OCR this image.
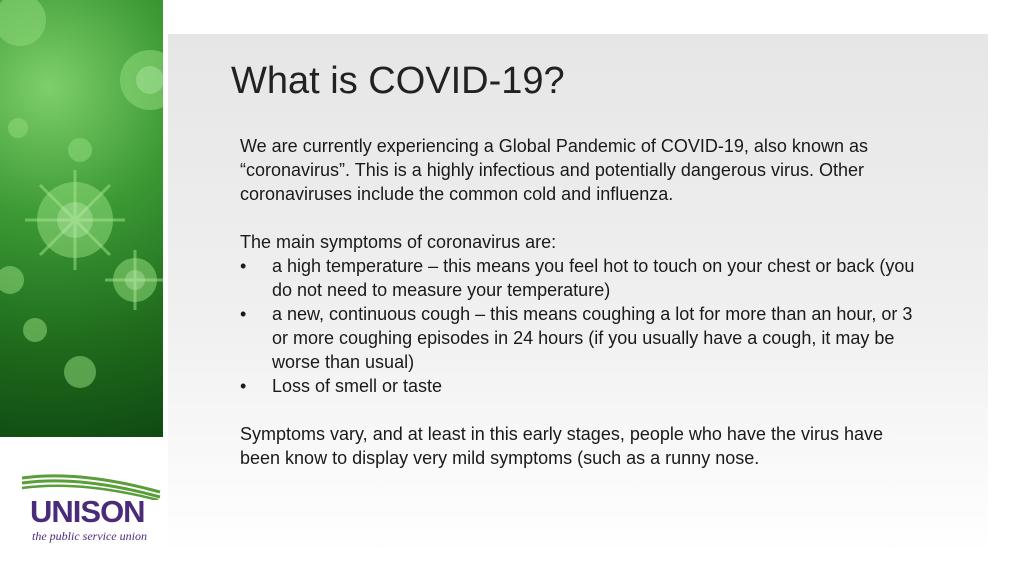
What is COVID-19?

We are currently experiencing a Global Pandemic of COVID-19, also known as “coronavirus”. This is a highly infectious and potentially dangerous virus. Other coronaviruses include the common cold and influenza.

The main symptoms of coronavirus are:

• a high temperature – this means you feel hot to touch on your chest or back (you do not need to measure your temperature)
• a new, continuous cough – this means coughing a lot for more than an hour, or 3 or more coughing episodes in 24 hours (if you usually have a cough, it may be worse than usual)
• Loss of smell or taste

Symptoms vary, and at least in this early stages, people who have the virus have been know to display very mild symptoms (such as a runny nose.

UNISON
the public service union
